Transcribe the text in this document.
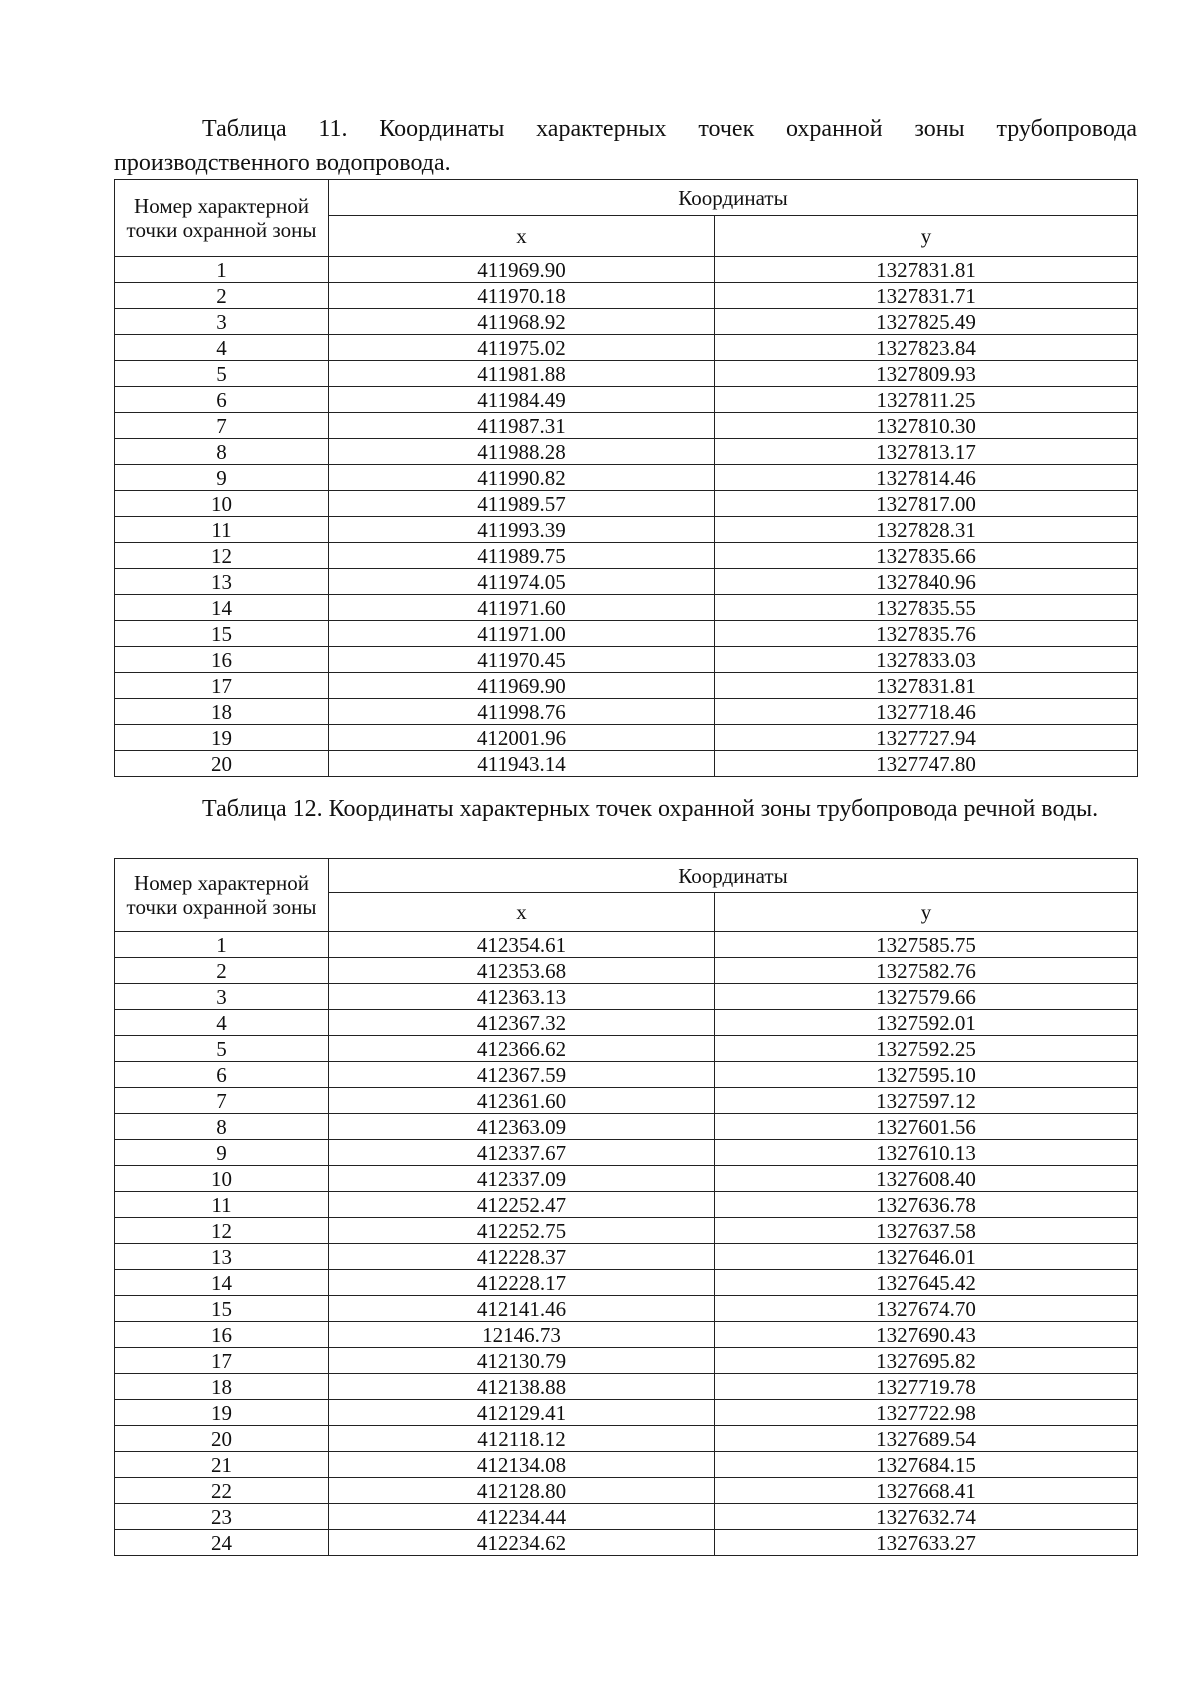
Таблица 11. Координаты характерных точек охранной зоны трубопровода производственного водопровода.
Номер характерной точки охранной зоны	Координаты	
	x	y
1	411969.90	1327831.81
2	411970.18	1327831.71
3	411968.92	1327825.49
4	411975.02	1327823.84
5	411981.88	1327809.93
6	411984.49	1327811.25
7	411987.31	1327810.30
8	411988.28	1327813.17
9	411990.82	1327814.46
10	411989.57	1327817.00
11	411993.39	1327828.31
12	411989.75	1327835.66
13	411974.05	1327840.96
14	411971.60	1327835.55
15	411971.00	1327835.76
16	411970.45	1327833.03
17	411969.90	1327831.81
18	411998.76	1327718.46
19	412001.96	1327727.94
20	411943.14	1327747.80
Таблица 12. Координаты характерных точек охранной зоны трубопровода речной воды.
Номер характерной точки охранной зоны	Координаты	
	x	y
1	412354.61	1327585.75
2	412353.68	1327582.76
3	412363.13	1327579.66
4	412367.32	1327592.01
5	412366.62	1327592.25
6	412367.59	1327595.10
7	412361.60	1327597.12
8	412363.09	1327601.56
9	412337.67	1327610.13
10	412337.09	1327608.40
11	412252.47	1327636.78
12	412252.75	1327637.58
13	412228.37	1327646.01
14	412228.17	1327645.42
15	412141.46	1327674.70
16	12146.73	1327690.43
17	412130.79	1327695.82
18	412138.88	1327719.78
19	412129.41	1327722.98
20	412118.12	1327689.54
21	412134.08	1327684.15
22	412128.80	1327668.41
23	412234.44	1327632.74
24	412234.62	1327633.27
